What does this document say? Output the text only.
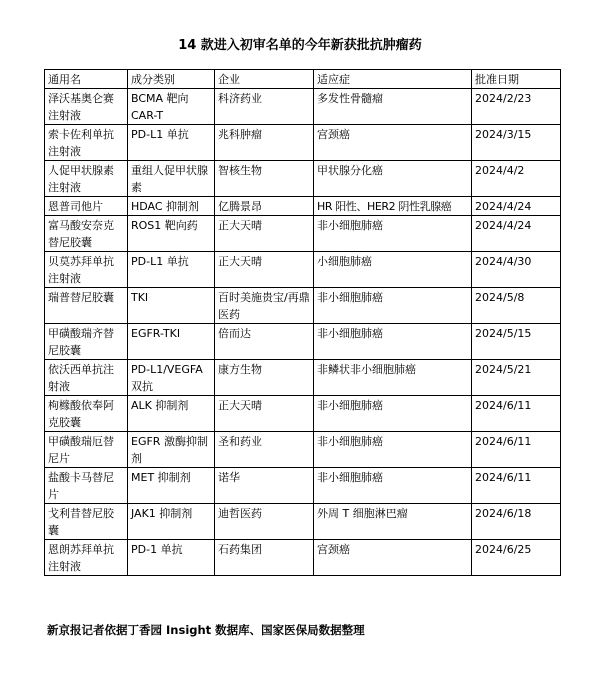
14 款进入初审名单的今年新获批抗肿瘤药
通用名	成分类别	企业	适应症	批准日期
泽沃基奥仑赛注射液	BCMA 靶向 CAR-T	科济药业	多发性骨髓瘤	2024/2/23
索卡佐利单抗注射液	PD-L1 单抗	兆科肿瘤	宫颈癌	2024/3/15
人促甲状腺素注射液	重组人促甲状腺素	智核生物	甲状腺分化癌	2024/4/2
恩普司他片	HDAC 抑制剂	亿腾景昂	HR 阳性、HER2 阴性乳腺癌	2024/4/24
富马酸安奈克替尼胶囊	ROS1 靶向药	正大天晴	非小细胞肺癌	2024/4/24
贝莫苏拜单抗注射液	PD-L1 单抗	正大天晴	小细胞肺癌	2024/4/30
瑞普替尼胶囊	TKI	百时美施贵宝/再鼎医药	非小细胞肺癌	2024/5/8
甲磺酸瑞齐替尼胶囊	EGFR-TKI	倍而达	非小细胞肺癌	2024/5/15
依沃西单抗注射液	PD-L1/VEGFA 双抗	康方生物	非鳞状非小细胞肺癌	2024/5/21
枸橼酸依奉阿克胶囊	ALK 抑制剂	正大天晴	非小细胞肺癌	2024/6/11
甲磺酸瑞厄替尼片	EGFR 激酶抑制剂	圣和药业	非小细胞肺癌	2024/6/11
盐酸卡马替尼片	MET 抑制剂	诺华	非小细胞肺癌	2024/6/11
戈利昔替尼胶囊	JAK1 抑制剂	迪哲医药	外周 T 细胞淋巴瘤	2024/6/18
恩朗苏拜单抗注射液	PD-1 单抗	石药集团	宫颈癌	2024/6/25
新京报记者依据丁香园 Insight 数据库、国家医保局数据整理
